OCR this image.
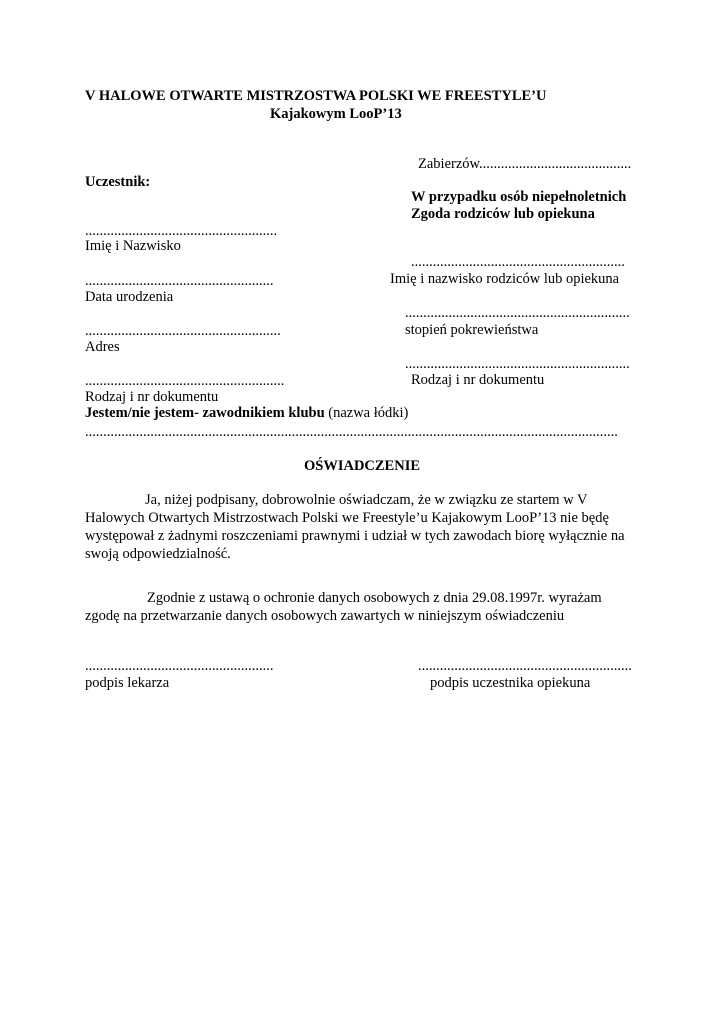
V HALOWE OTWARTE MISTRZOSTWA POLSKI WE FREESTYLE’U
Kajakowym LooP’13
Zabierzów..........................................
Uczestnik:
.....................................................
Imię i Nazwisko
....................................................
Data urodzenia
......................................................
Adres
.......................................................
Rodzaj i nr dokumentu
Jestem/nie jestem- zawodnikiem klubu (nazwa łódki)
...................................................................................................................................................
W przypadku osób niepełnoletnich
Zgoda rodziców lub opiekuna
...........................................................
Imię i nazwisko rodziców lub opiekuna
..............................................................
stopień pokrewieństwa
..............................................................
Rodzaj i nr dokumentu
OŚWIADCZENIE
Ja, niżej podpisany, dobrowolnie oświadczam, że w związku ze startem w V Halowych Otwartych Mistrzostwach Polski we Freestyle’u Kajakowym LooP’13 nie będę występował z żadnymi roszczeniami prawnymi i udział w tych zawodach biorę wyłącznie na swoją odpowiedzialność.
Zgodnie z ustawą o ochronie danych osobowych z dnia 29.08.1997r. wyrażam zgodę na przetwarzanie danych osobowych zawartych w niniejszym oświadczeniu
....................................................
podpis lekarza
...........................................................
podpis uczestnika opiekuna
